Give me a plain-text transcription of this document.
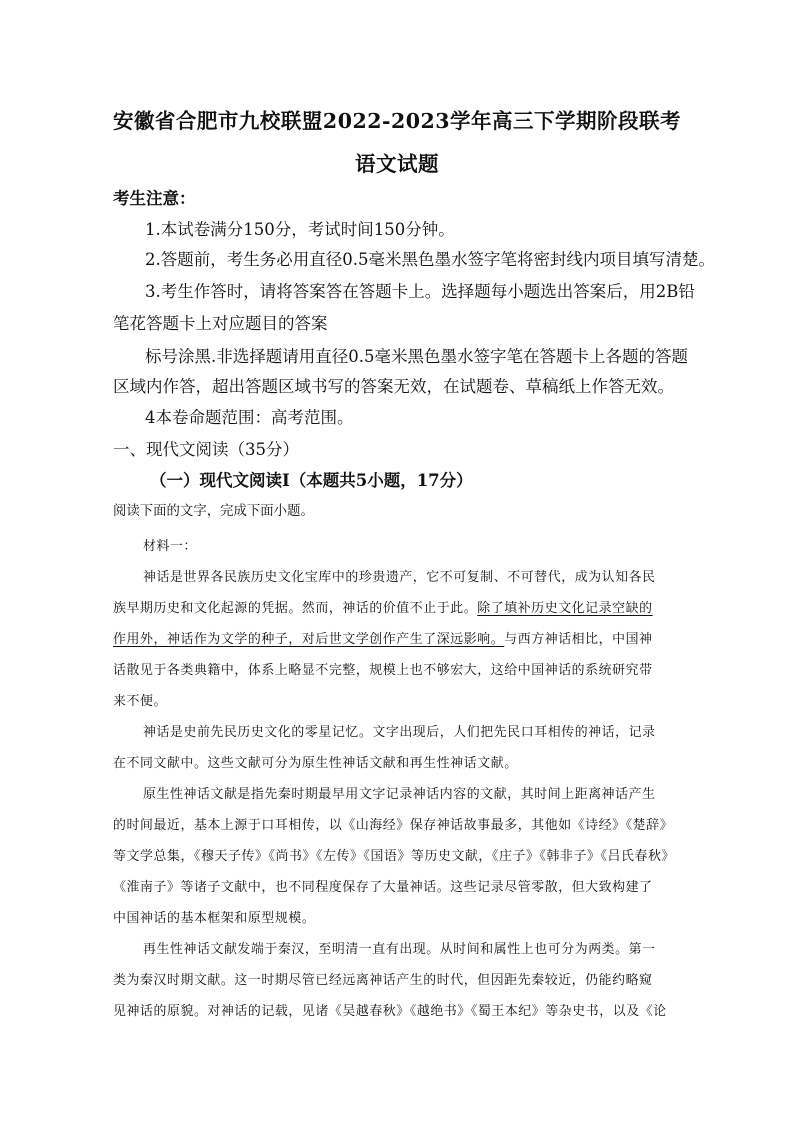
安徽省合肥市九校联盟2022-2023学年高三下学期阶段联考
语文试题
考生注意：
1.本试卷满分150分，考试时间150分钟。
2.答题前，考生务必用直径0.5毫米黑色墨水签字笔将密封线内项目填写清楚。
3.考生作答时，请将答案答在答题卡上。选择题每小题选出答案后，用2B铅
笔花答题卡上对应题目的答案
标号涂黑.非选择题请用直径0.5毫米黑色墨水签字笔在答题卡上各题的答题
区域内作答，超出答题区域书写的答案无效，在试题卷、草稿纸上作答无效。
4本卷命题范围：高考范围。
一、现代文阅读（35分）
（一）现代文阅读Ⅰ（本题共5小题，17分）
阅读下面的文字，完成下面小题。
材料一：
神话是世界各民族历史文化宝库中的珍贵遗产，它不可复制、不可替代，成为认知各民
族早期历史和文化起源的凭据。然而，神话的价值不止于此。除了填补历史文化记录空缺的
作用外，神话作为文学的种子，对后世文学创作产生了深远影响。与西方神话相比，中国神
话散见于各类典籍中，体系上略显不完整，规模上也不够宏大，这给中国神话的系统研究带
来不便。
神话是史前先民历史文化的零星记忆。文字出现后，人们把先民口耳相传的神话，记录
在不同文献中。这些文献可分为原生性神话文献和再生性神话文献。
原生性神话文献是指先秦时期最早用文字记录神话内容的文献，其时间上距离神话产生
的时间最近，基本上源于口耳相传，以《山海经》保存神话故事最多，其他如《诗经》《楚辞》
等文学总集，《穆天子传》《尚书》《左传》《国语》等历史文献，《庄子》《韩非子》《吕氏春秋》
《淮南子》等诸子文献中，也不同程度保存了大量神话。这些记录尽管零散，但大致构建了
中国神话的基本框架和原型规模。
再生性神话文献发端于秦汉，至明清一直有出现。从时间和属性上也可分为两类。第一
类为秦汉时期文献。这一时期尽管已经远离神话产生的时代，但因距先秦较近，仍能约略窥
见神话的原貌。对神话的记载，见诸《吴越春秋》《越绝书》《蜀王本纪》等杂史书，以及《论
